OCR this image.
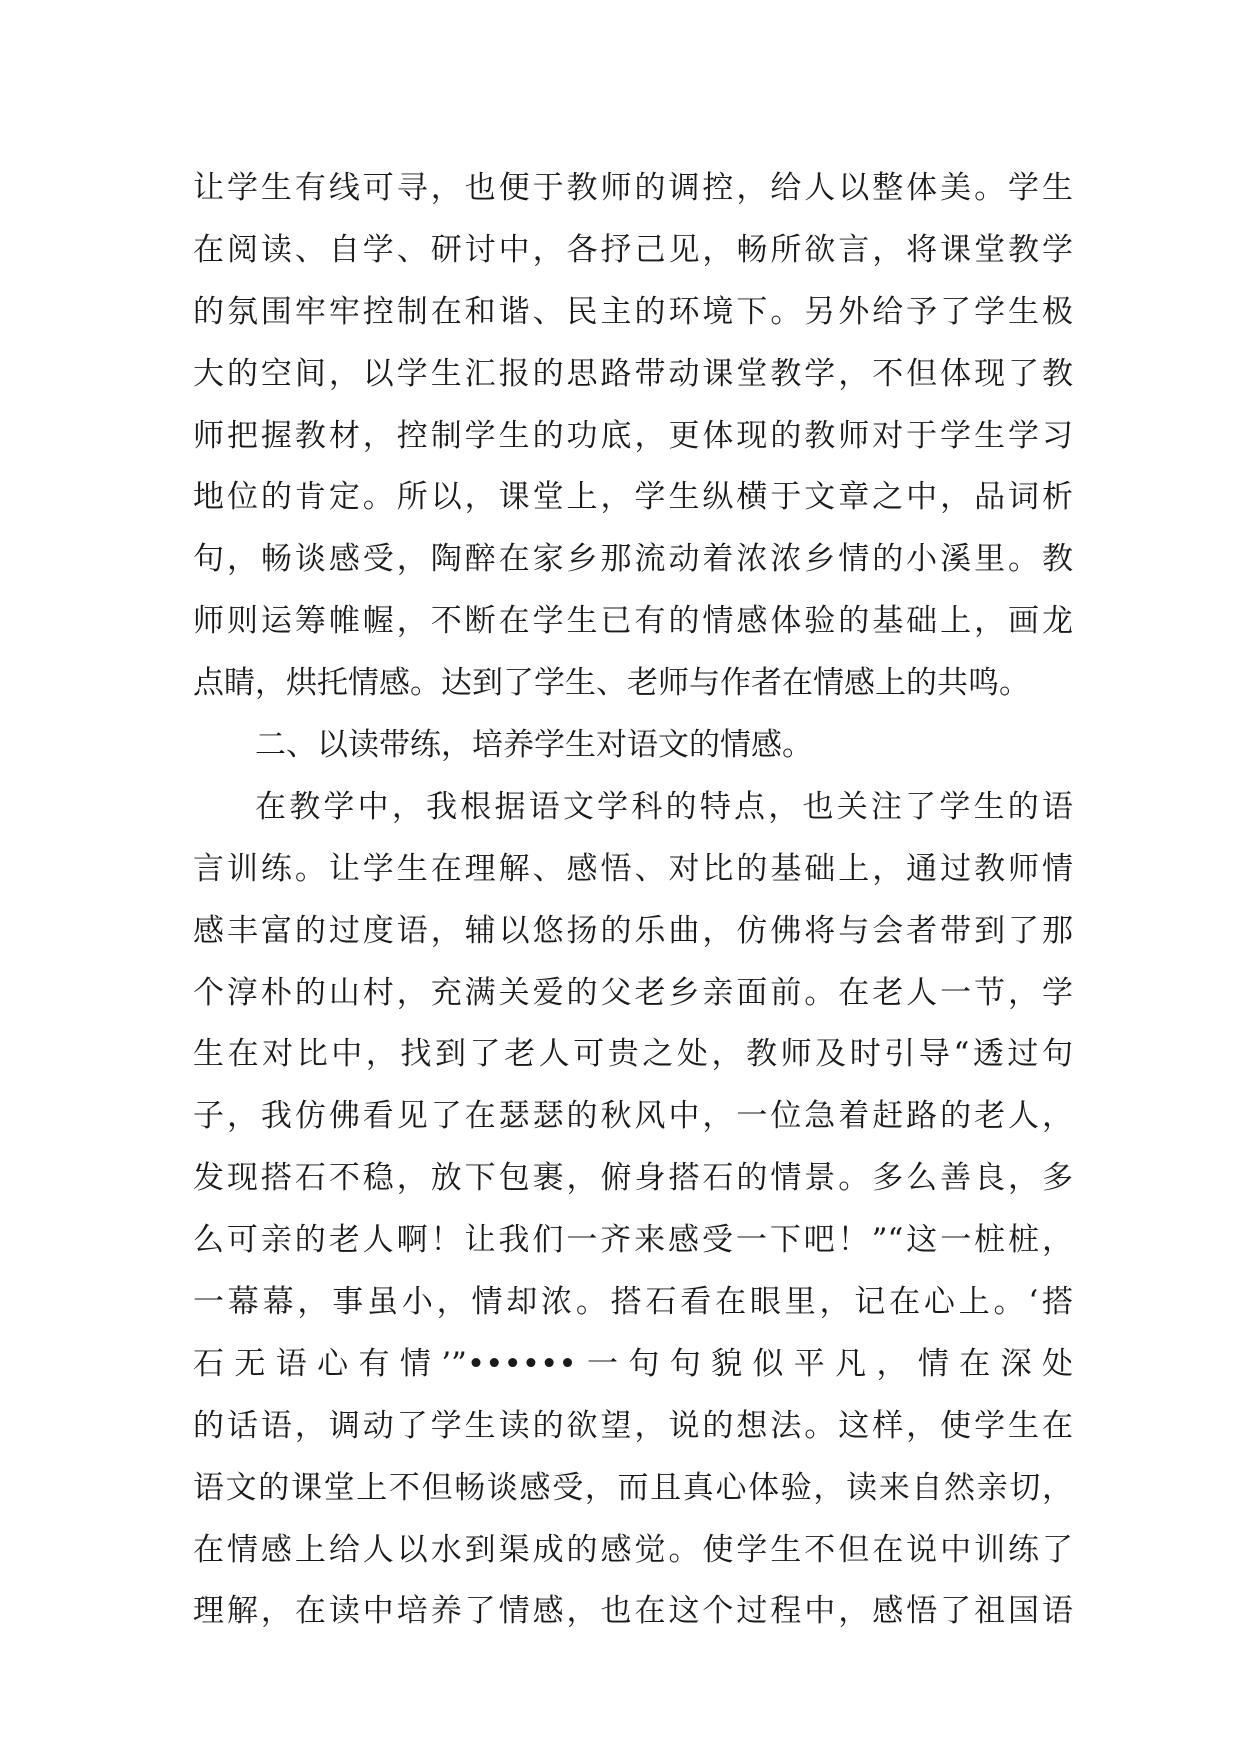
让学生有线可寻，也便于教师的调控，给人以整体美。学生
在阅读、自学、研讨中，各抒己见，畅所欲言，将课堂教学
的氛围牢牢控制在和谐、民主的环境下。另外给予了学生极
大的空间，以学生汇报的思路带动课堂教学，不但体现了教
师把握教材，控制学生的功底，更体现的教师对于学生学习
地位的肯定。所以，课堂上，学生纵横于文章之中，品词析
句，畅谈感受，陶醉在家乡那流动着浓浓乡情的小溪里。教
师则运筹帷幄，不断在学生已有的情感体验的基础上，画龙
点睛，烘托情感。达到了学生、老师与作者在情感上的共鸣。
二、以读带练，培养学生对语文的情感。
在教学中，我根据语文学科的特点，也关注了学生的语
言训练。让学生在理解、感悟、对比的基础上，通过教师情
感丰富的过度语，辅以悠扬的乐曲，仿佛将与会者带到了那
个淳朴的山村，充满关爱的父老乡亲面前。在老人一节，学
生在对比中，找到了老人可贵之处，教师及时引导“透过句
子，我仿佛看见了在瑟瑟的秋风中，一位急着赶路的老人，
发现搭石不稳，放下包裹，俯身搭石的情景。多么善良，多
么可亲的老人啊！让我们一齐来感受一下吧！”“这一桩桩，
一幕幕，事虽小，情却浓。搭石看在眼里，记在心上。‘搭
石无语心有情’”••••••一句句貌似平凡，情在深处
的话语，调动了学生读的欲望，说的想法。这样，使学生在
语文的课堂上不但畅谈感受，而且真心体验，读来自然亲切，
在情感上给人以水到渠成的感觉。使学生不但在说中训练了
理解，在读中培养了情感，也在这个过程中，感悟了祖国语
